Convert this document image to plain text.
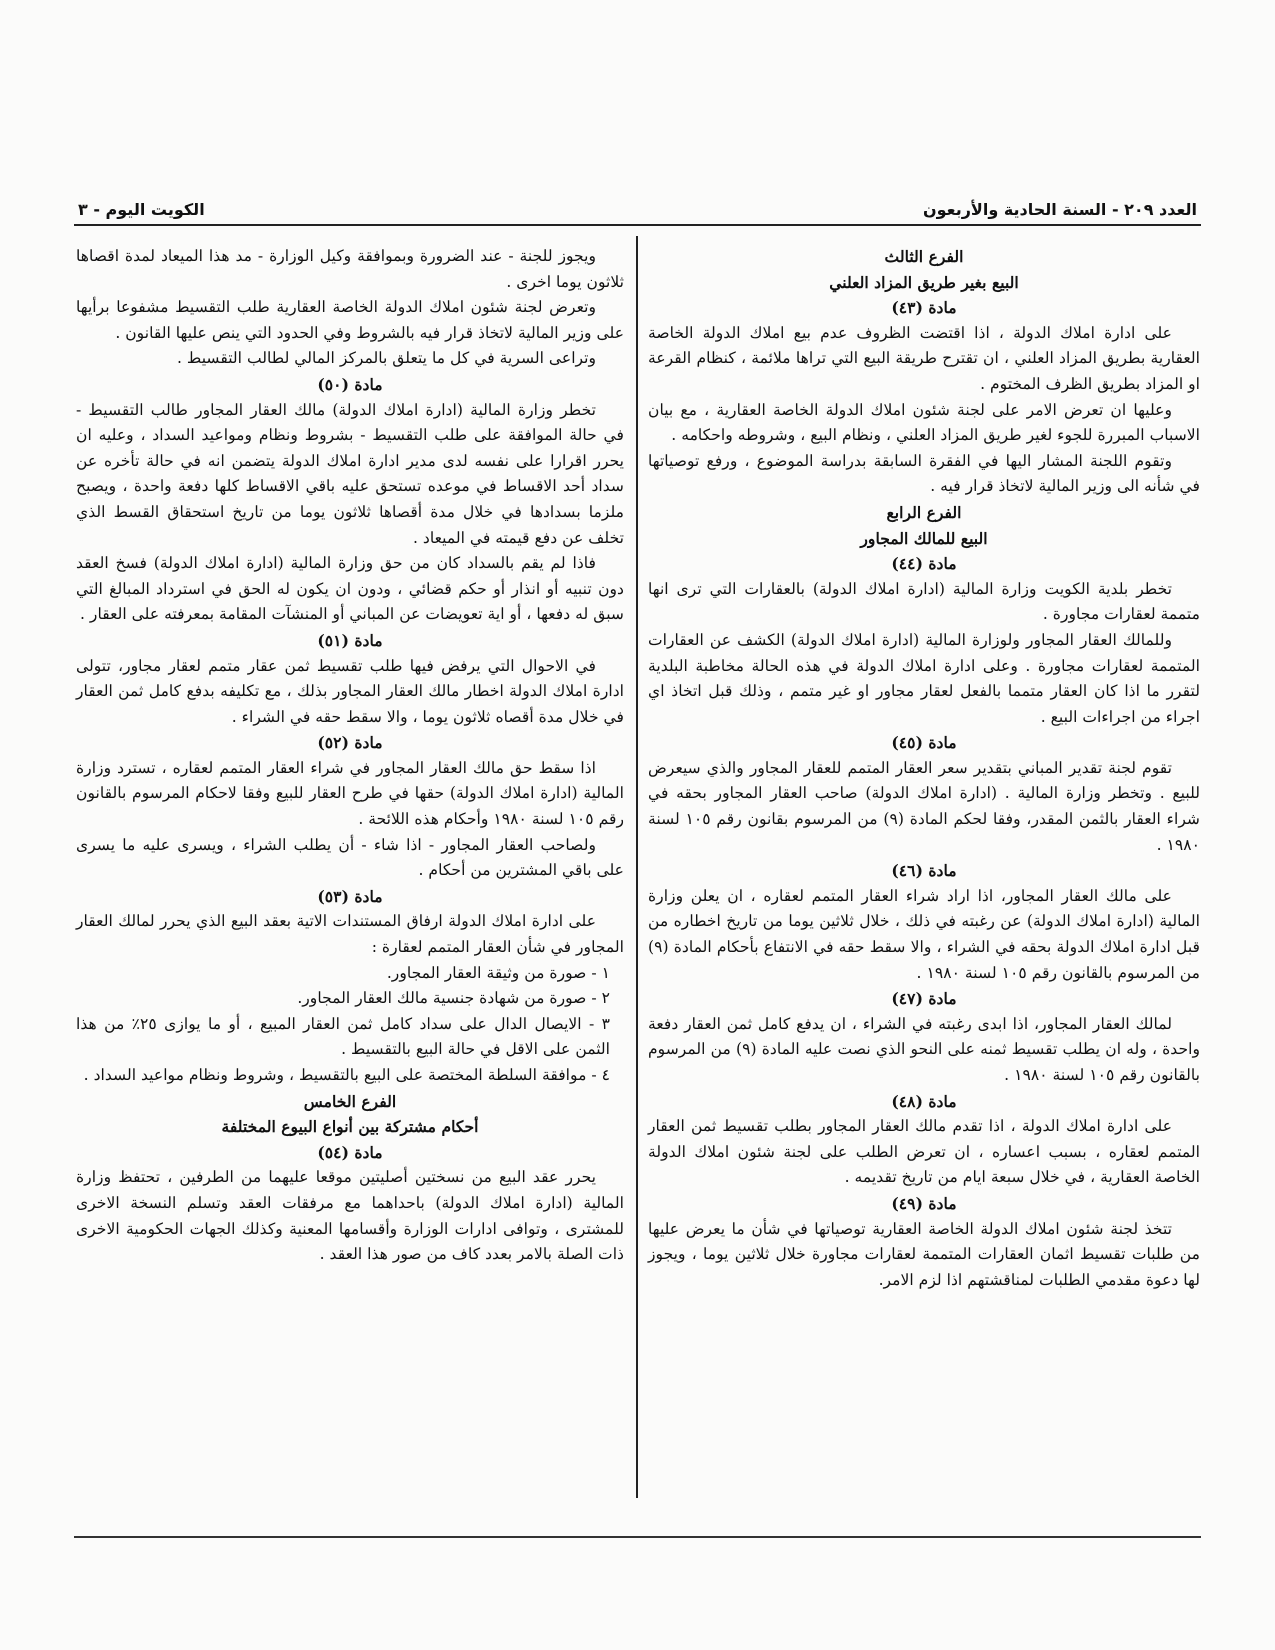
العدد ٢٠٩ - السنة الحادية والأربعون
الكويت اليوم - ٣

الفرع الثالث

البيع بغير طريق المزاد العلني

مادة (٤٣)

على ادارة املاك الدولة ، اذا اقتضت الظروف عدم بيع املاك الدولة الخاصة العقارية بطريق المزاد العلني ، ان تقترح طريقة البيع التي تراها ملائمة ، كنظام القرعة او المزاد بطريق الظرف المختوم .

وعليها ان تعرض الامر على لجنة شئون املاك الدولة الخاصة العقارية ، مع بيان الاسباب المبررة للجوء لغير طريق المزاد العلني ، ونظام البيع ، وشروطه واحكامه .

وتقوم اللجنة المشار اليها في الفقرة السابقة بدراسة الموضوع ، ورفع توصياتها في شأنه الى وزير المالية لاتخاذ قرار فيه .

الفرع الرابع

البيع للمالك المجاور

مادة (٤٤)

تخطر بلدية الكويت وزارة المالية (ادارة املاك الدولة) بالعقارات التي ترى انها متممة لعقارات مجاورة .

وللمالك العقار المجاور ولوزارة المالية (ادارة املاك الدولة) الكشف عن العقارات المتممة لعقارات مجاورة . وعلى ادارة املاك الدولة في هذه الحالة مخاطبة البلدية لتقرر ما اذا كان العقار متمما بالفعل لعقار مجاور او غير متمم ، وذلك قبل اتخاذ اي اجراء من اجراءات البيع .

مادة (٤٥)

تقوم لجنة تقدير المباني بتقدير سعر العقار المتمم للعقار المجاور والذي سيعرض للبيع . وتخطر وزارة المالية . (ادارة املاك الدولة) صاحب العقار المجاور بحقه في شراء العقار بالثمن المقدر، وفقا لحكم المادة (٩) من المرسوم بقانون رقم ١٠٥ لسنة ١٩٨٠ .

مادة (٤٦)

على مالك العقار المجاور، اذا اراد شراء العقار المتمم لعقاره ، ان يعلن وزارة المالية (ادارة املاك الدولة) عن رغبته في ذلك ، خلال ثلاثين يوما من تاريخ اخطاره من قبل ادارة املاك الدولة بحقه في الشراء ، والا سقط حقه في الانتفاع بأحكام المادة (٩) من المرسوم بالقانون رقم ١٠٥ لسنة ١٩٨٠ .

مادة (٤٧)

لمالك العقار المجاور، اذا ابدى رغبته في الشراء ، ان يدفع كامل ثمن العقار دفعة واحدة ، وله ان يطلب تقسيط ثمنه على النحو الذي نصت عليه المادة (٩) من المرسوم بالقانون رقم ١٠٥ لسنة ١٩٨٠ .

مادة (٤٨)

على ادارة املاك الدولة ، اذا تقدم مالك العقار المجاور بطلب تقسيط ثمن العقار المتمم لعقاره ، بسبب اعساره ، ان تعرض الطلب على لجنة شئون املاك الدولة الخاصة العقارية ، في خلال سبعة ايام من تاريخ تقديمه .

مادة (٤٩)

تتخذ لجنة شئون املاك الدولة الخاصة العقارية توصياتها في شأن ما يعرض عليها من طلبات تقسيط اثمان العقارات المتممة لعقارات مجاورة خلال ثلاثين يوما ، ويجوز لها دعوة مقدمي الطلبات لمناقشتهم اذا لزم الامر.

ويجوز للجنة - عند الضرورة وبموافقة وكيل الوزارة - مد هذا الميعاد لمدة اقصاها ثلاثون يوما اخرى .

وتعرض لجنة شئون املاك الدولة الخاصة العقارية طلب التقسيط مشفوعا برأيها على وزير المالية لاتخاذ قرار فيه بالشروط وفي الحدود التي ينص عليها القانون .

وتراعى السرية في كل ما يتعلق بالمركز المالي لطالب التقسيط .

مادة (٥٠)

تخطر وزارة المالية (ادارة املاك الدولة) مالك العقار المجاور طالب التقسيط - في حالة الموافقة على طلب التقسيط - بشروط ونظام ومواعيد السداد ، وعليه ان يحرر اقرارا على نفسه لدى مدير ادارة املاك الدولة يتضمن انه في حالة تأخره عن سداد أحد الاقساط في موعده تستحق عليه باقي الاقساط كلها دفعة واحدة ، ويصبح ملزما بسدادها في خلال مدة أقصاها ثلاثون يوما من تاريخ استحقاق القسط الذي تخلف عن دفع قيمته في الميعاد .

فاذا لم يقم بالسداد كان من حق وزارة المالية (ادارة املاك الدولة) فسخ العقد دون تنبيه أو انذار أو حكم قضائي ، ودون ان يكون له الحق في استرداد المبالغ التي سبق له دفعها ، أو اية تعويضات عن المباني أو المنشآت المقامة بمعرفته على العقار .

مادة (٥١)

في الاحوال التي يرفض فيها طلب تقسيط ثمن عقار متمم لعقار مجاور، تتولى ادارة املاك الدولة اخطار مالك العقار المجاور بذلك ، مع تكليفه بدفع كامل ثمن العقار في خلال مدة أقصاه ثلاثون يوما ، والا سقط حقه في الشراء .

مادة (٥٢)

اذا سقط حق مالك العقار المجاور في شراء العقار المتمم لعقاره ، تسترد وزارة المالية (ادارة املاك الدولة) حقها في طرح العقار للبيع وفقا لاحكام المرسوم بالقانون رقم ١٠٥ لسنة ١٩٨٠ وأحكام هذه اللائحة .

ولصاحب العقار المجاور - اذا شاء - أن يطلب الشراء ، ويسرى عليه ما يسرى على باقي المشترين من أحكام .

مادة (٥٣)

على ادارة املاك الدولة ارفاق المستندات الاتية بعقد البيع الذي يحرر لمالك العقار المجاور في شأن العقار المتمم لعقارة :

١ - صورة من وثيقة العقار المجاور.

٢ - صورة من شهادة جنسية مالك العقار المجاور.

٣ - الايصال الدال على سداد كامل ثمن العقار المبيع ، أو ما يوازى ٢٥٪ من هذا الثمن على الاقل في حالة البيع بالتقسيط .

٤ - موافقة السلطة المختصة على البيع بالتقسيط ، وشروط ونظام مواعيد السداد .

الفرع الخامس

أحكام مشتركة بين أنواع البيوع المختلفة

مادة (٥٤)

يحرر عقد البيع من نسختين أصليتين موقعا عليهما من الطرفين ، تحتفظ وزارة المالية (ادارة املاك الدولة) باحداهما مع مرفقات العقد وتسلم النسخة الاخرى للمشترى ، وتوافى ادارات الوزارة وأقسامها المعنية وكذلك الجهات الحكومية الاخرى ذات الصلة بالامر بعدد كاف من صور هذا العقد .
